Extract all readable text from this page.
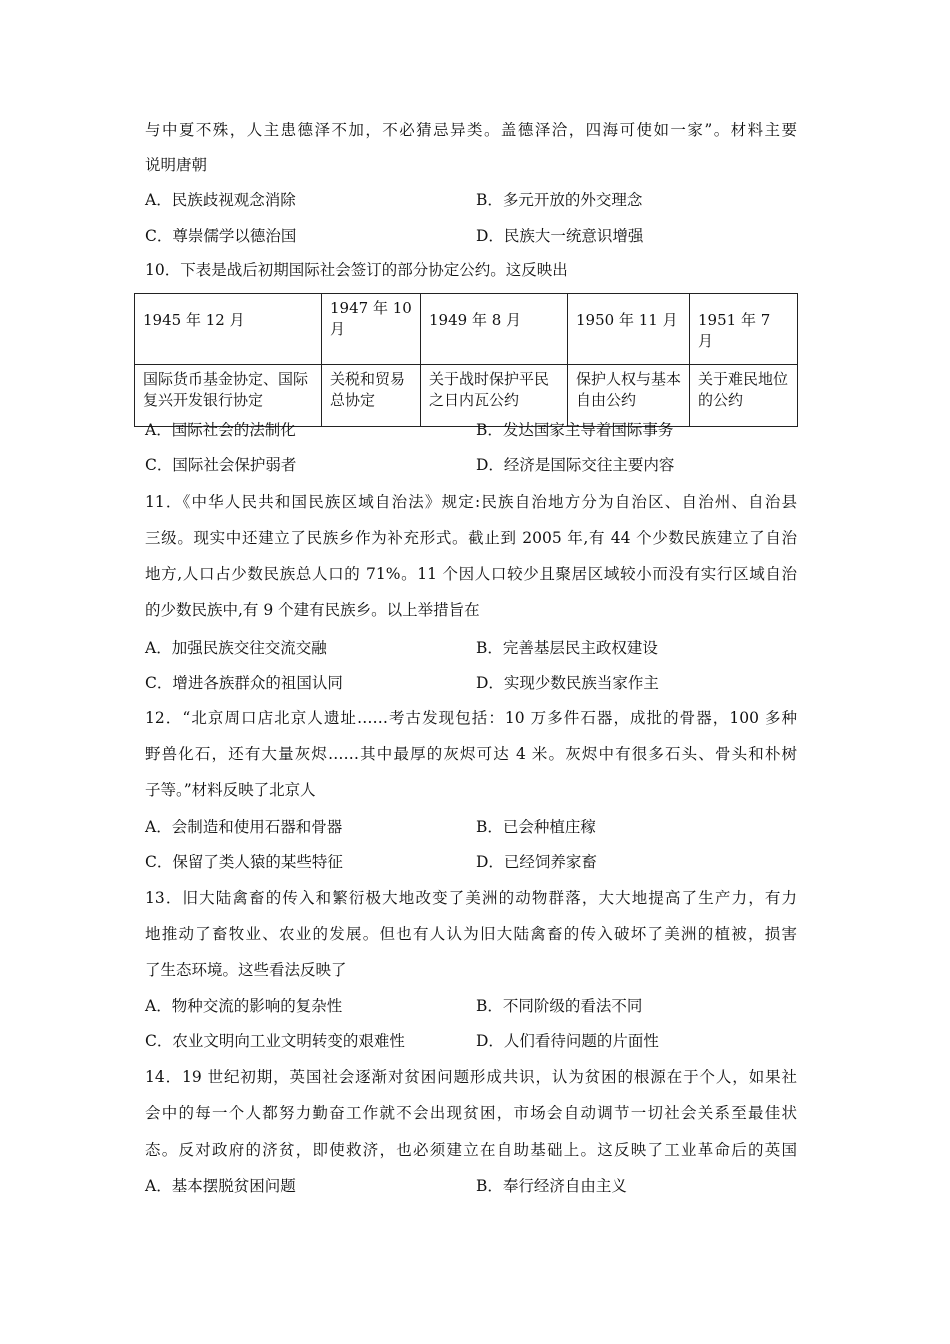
与中夏不殊，人主患德泽不加，不必猜忌异类。盖德泽洽，四海可使如一家”。材料主要
说明唐朝
A．民族歧视观念消除	B．多元开放的外交理念
C．尊崇儒学以德治国	D．民族大一统意识增强
10．下表是战后初期国际社会签订的部分协定公约。这反映出
1945 年 12 月	1947 年 10 月	1949 年 8 月	1950 年 11 月	1951 年 7 月
国际货币基金协定、国际复兴开发银行协定	关税和贸易总协定	关于战时保护平民之日内瓦公约	保护人权与基本自由公约	关于难民地位的公约
A．国际社会的法制化	B．发达国家主导着国际事务
C．国际社会保护弱者	D．经济是国际交往主要内容
11．《中华人民共和国民族区域自治法》规定:民族自治地方分为自治区、自治州、自治县
三级。现实中还建立了民族乡作为补充形式。截止到 2005 年,有 44 个少数民族建立了自治
地方,人口占少数民族总人口的 71%。11 个因人口较少且聚居区域较小而没有实行区域自治
的少数民族中,有 9 个建有民族乡。以上举措旨在
A．加强民族交往交流交融	B．完善基层民主政权建设
C．增进各族群众的祖国认同	D．实现少数民族当家作主
12．“北京周口店北京人遗址……考古发现包括：10 万多件石器，成批的骨器，100 多种
野兽化石，还有大量灰烬……其中最厚的灰烬可达 4 米。灰烬中有很多石头、骨头和朴树
子等。”材料反映了北京人
A．会制造和使用石器和骨器	B．已会种植庄稼
C．保留了类人猿的某些特征	D．已经饲养家畜
13．旧大陆禽畜的传入和繁衍极大地改变了美洲的动物群落，大大地提高了生产力，有力
地推动了畜牧业、农业的发展。但也有人认为旧大陆禽畜的传入破坏了美洲的植被，损害
了生态环境。这些看法反映了
A．物种交流的影响的复杂性	B．不同阶级的看法不同
C．农业文明向工业文明转变的艰难性	D．人们看待问题的片面性
14．19 世纪初期，英国社会逐渐对贫困问题形成共识，认为贫困的根源在于个人，如果社
会中的每一个人都努力勤奋工作就不会出现贫困，市场会自动调节一切社会关系至最佳状
态。反对政府的济贫，即使救济，也必须建立在自助基础上。这反映了工业革命后的英国
A．基本摆脱贫困问题	B．奉行经济自由主义
